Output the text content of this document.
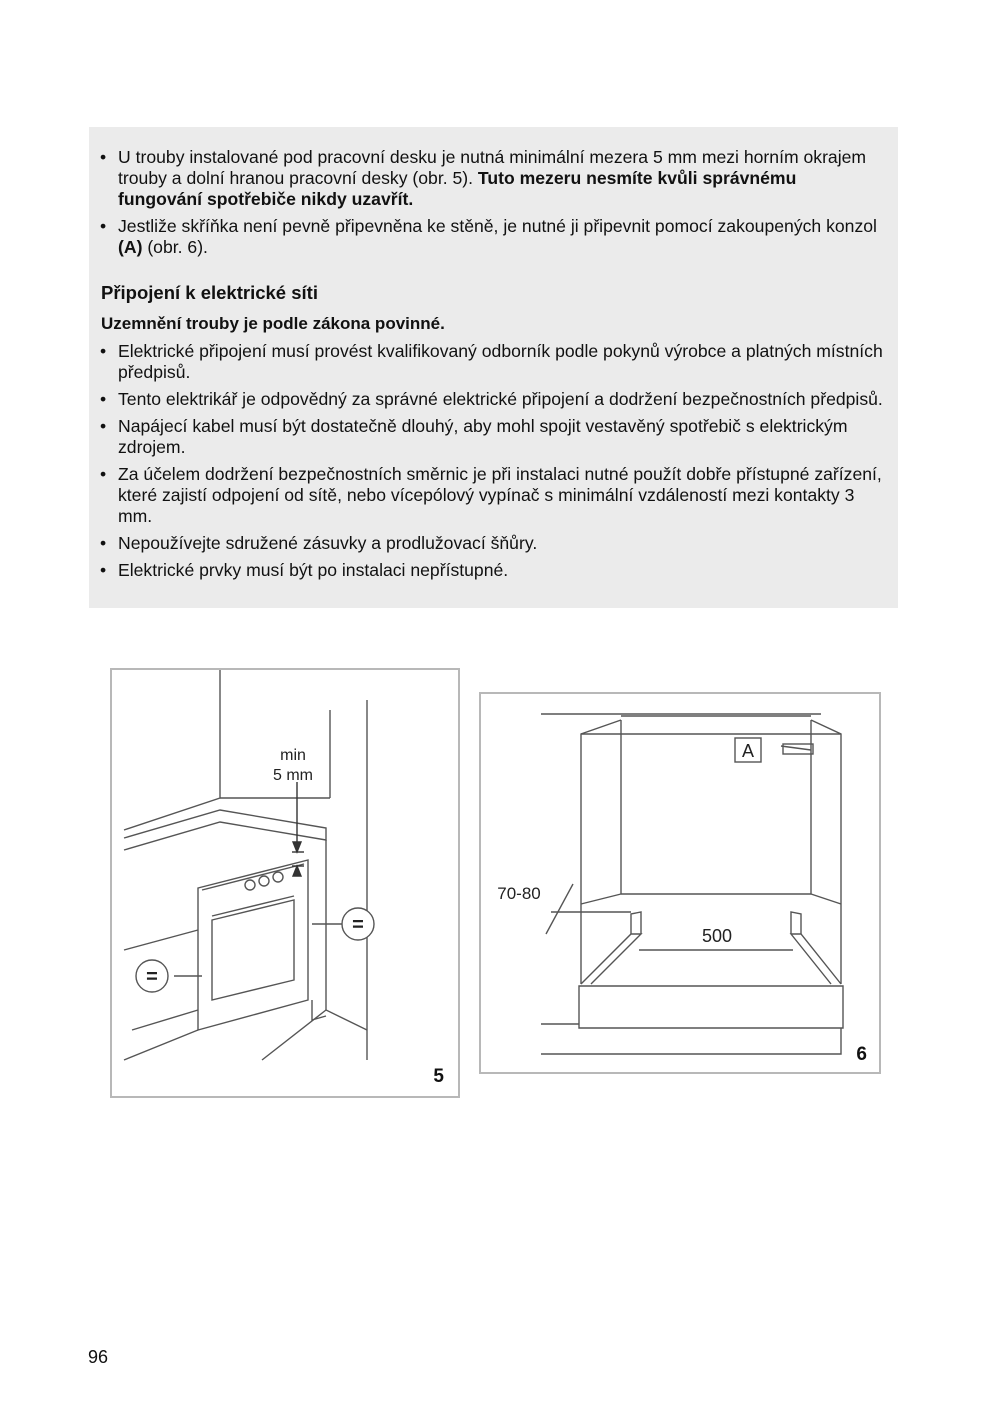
• U trouby instalované pod pracovní desku je nutná minimální mezera 5 mm mezi horním okrajem trouby a dolní hranou pracovní desky (obr. 5). Tuto mezeru nesmíte kvůli správnému fungování spotřebiče nikdy uzavřít.
• Jestliže skříňka není pevně připevněna ke stěně, je nutné ji připevnit pomocí zakoupených konzol (A) (obr. 6).
Připojení k elektrické síti

Uzemnění trouby je podle zákona povinné.

• Elektrické připojení musí provést kvalifikovaný odborník podle pokynů výrobce a platných místních předpisů.
• Tento elektrikář je odpovědný za správné elektrické připojení a dodržení bezpečnostních předpisů.
• Napájecí kabel musí být dostatečně dlouhý, aby mohl spojit vestavěný spotřebič s elektrickým zdrojem.
• Za účelem dodržení bezpečnostních směrnic je při instalaci nutné použít dobře přístupné zařízení, které zajistí odpojení od sítě, nebo vícepólový vypínač s minimální vzdáleností mezi kontakty 3 mm.
• Nepoužívejte sdružené zásuvky a prodlužovací šňůry.
• Elektrické prvky musí být po instalaci nepřístupné.
min
5 mm
=
=
5
A
70-80
500
6
96
